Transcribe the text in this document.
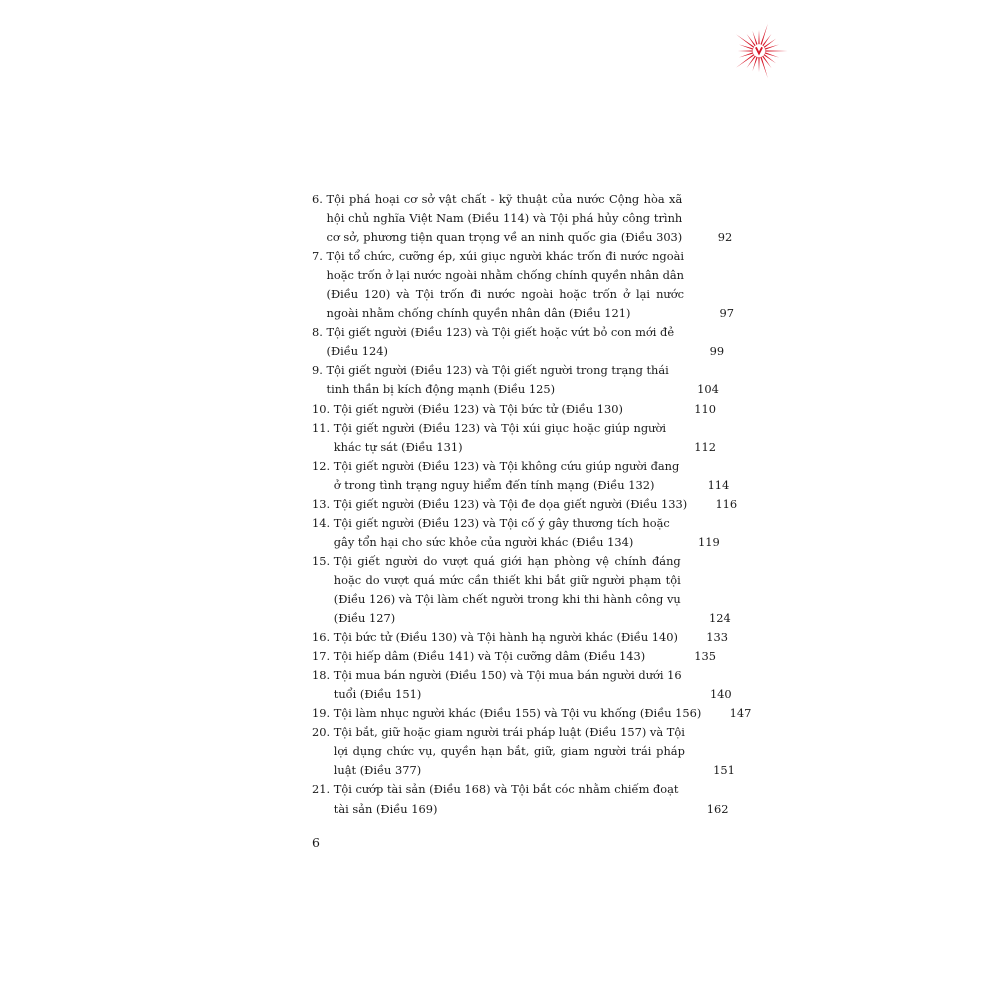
6. Tội phá hoại cơ sở vật chất - kỹ thuật của nước Cộng hòa xã
hội chủ nghĩa Việt Nam (Điều 114) và Tội phá hủy công trình
cơ sở, phương tiện quan trọng về an ninh quốc gia (Điều 303)	92
7. Tội tổ chức, cưỡng ép, xúi giục người khác trốn đi nước ngoài
hoặc trốn ở lại nước ngoài nhằm chống chính quyền nhân dân
(Điều 120) và Tội trốn đi nước ngoài hoặc trốn ở lại nước
ngoài nhằm chống chính quyền nhân dân (Điều 121)	97
8. Tội giết người (Điều 123) và Tội giết hoặc vứt bỏ con mới đẻ
(Điều 124)	99
9. Tội giết người (Điều 123) và Tội giết người trong trạng thái
tinh thần bị kích động mạnh (Điều 125)	104
10. Tội giết người (Điều 123) và Tội bức tử (Điều 130)	110
11. Tội giết người (Điều 123) và Tội xúi giục hoặc giúp người
khác tự sát (Điều 131)	112
12. Tội giết người (Điều 123) và Tội không cứu giúp người đang
ở trong tình trạng nguy hiểm đến tính mạng (Điều 132)	114
13. Tội giết người (Điều 123) và Tội đe dọa giết người (Điều 133)	116
14. Tội giết người (Điều 123) và Tội cố ý gây thương tích hoặc
gây tổn hại cho sức khỏe của người khác (Điều 134)	119
15. Tội giết người do vượt quá giới hạn phòng vệ chính đáng
hoặc do vượt quá mức cần thiết khi bắt giữ người phạm tội
(Điều 126) và Tội làm chết người trong khi thi hành công vụ
(Điều 127)	124
16. Tội bức tử (Điều 130) và Tội hành hạ người khác (Điều 140)	133
17. Tội hiếp dâm (Điều 141) và Tội cưỡng dâm (Điều 143)	135
18. Tội mua bán người (Điều 150) và Tội mua bán người dưới 16
tuổi (Điều 151)	140
19. Tội làm nhục người khác (Điều 155) và Tội vu khống (Điều 156)	147
20. Tội bắt, giữ hoặc giam người trái pháp luật (Điều 157) và Tội
lợi dụng chức vụ, quyền hạn bắt, giữ, giam người trái pháp
luật (Điều 377)	151
21. Tội cướp tài sản (Điều 168) và Tội bắt cóc nhằm chiếm đoạt
tài sản (Điều 169)	162
6
